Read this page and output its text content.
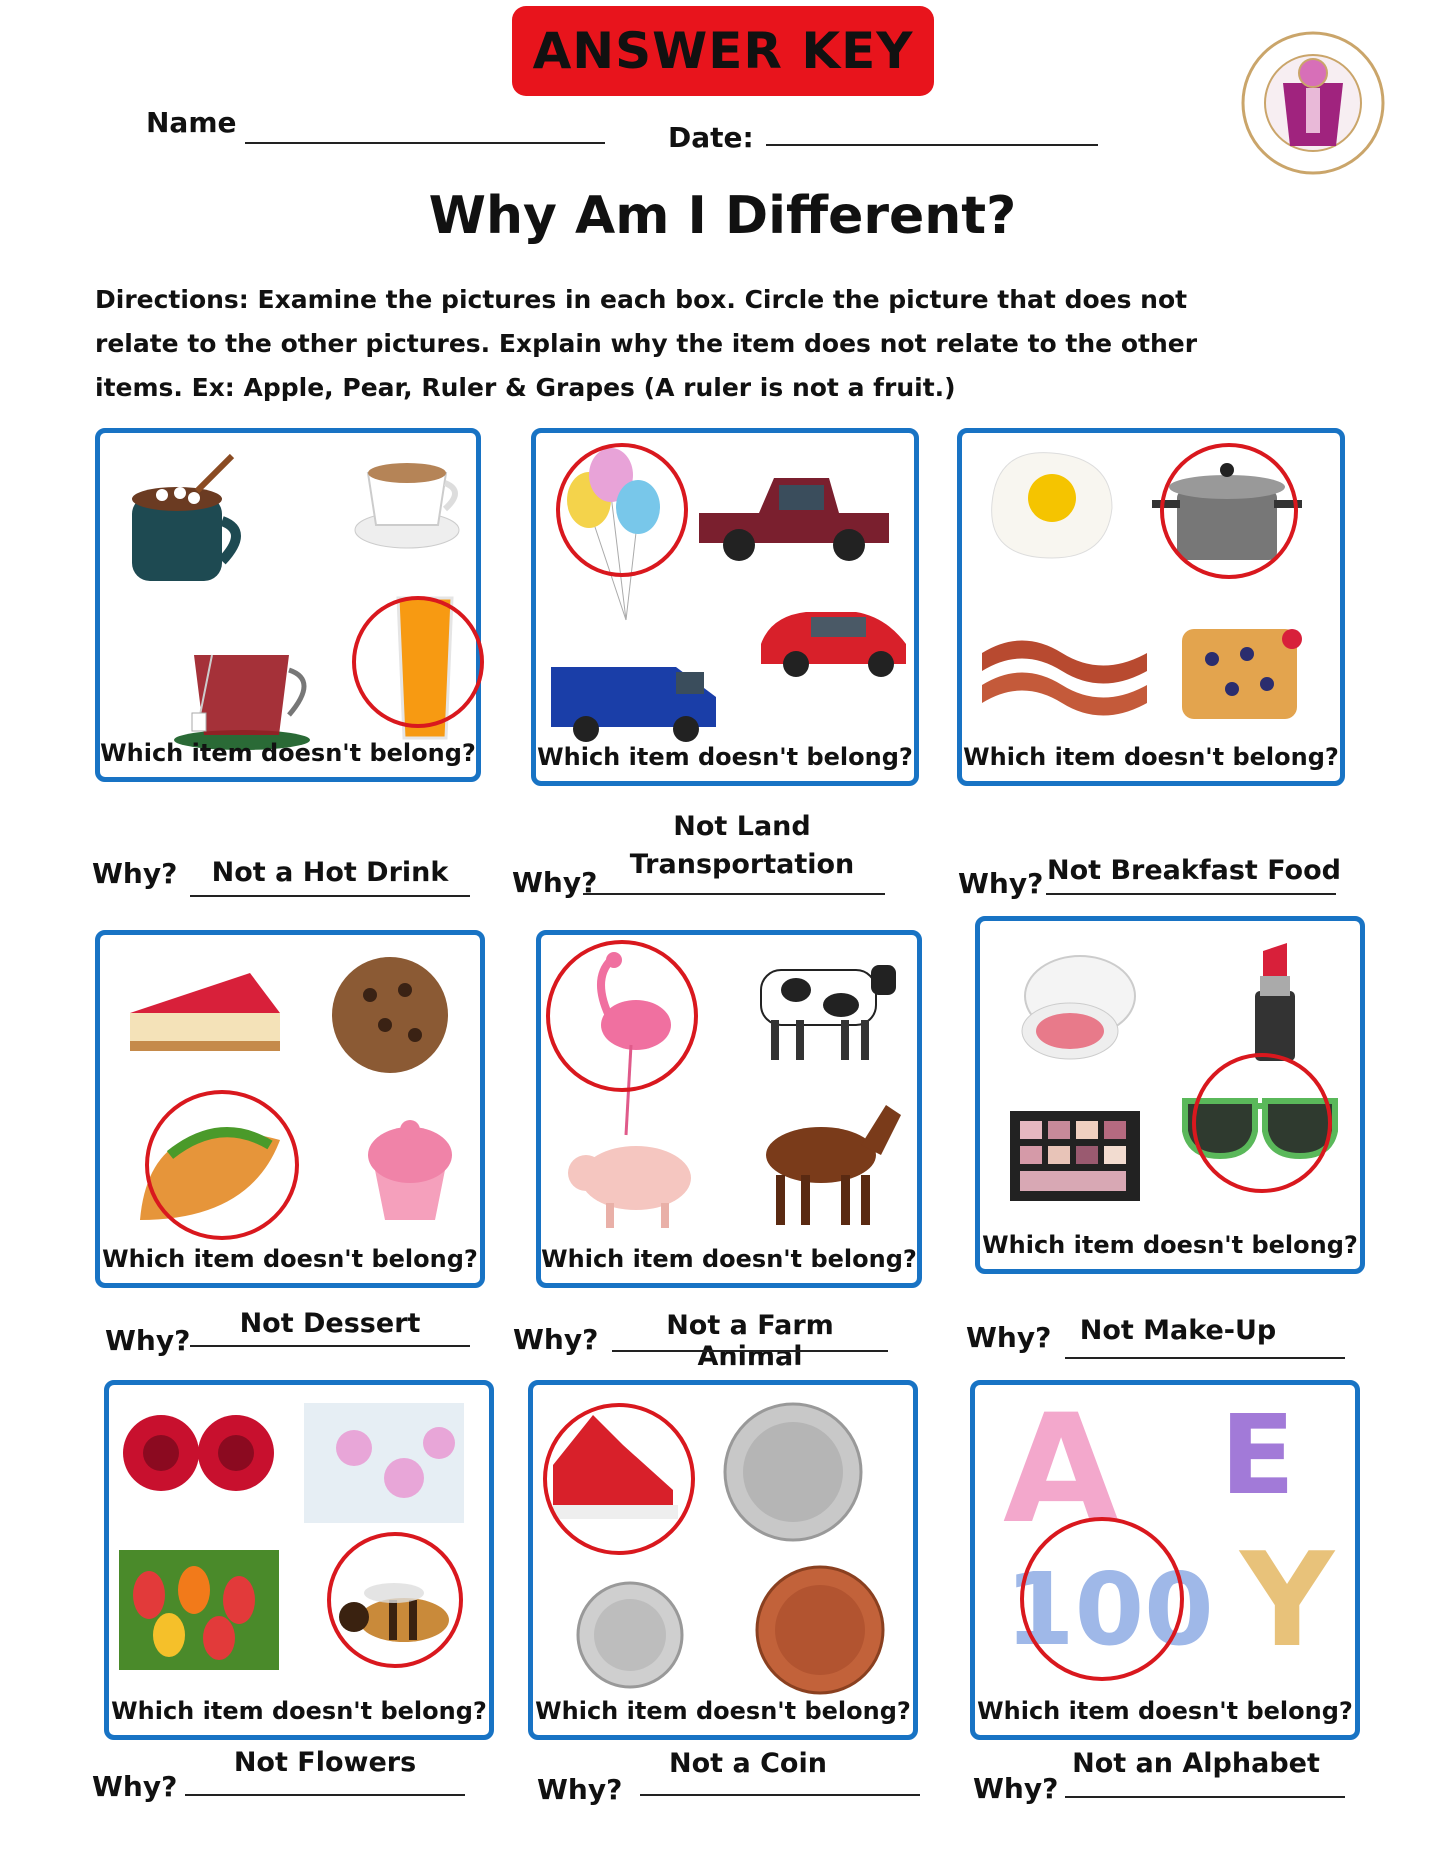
ANSWER KEY
Name	Date:
Why Am I Different?
Directions: Examine the pictures in each box. Circle the picture that does not relate to the other pictures. Explain why the item does not relate to the other items. Ex: Apple, Pear, Ruler & Grapes (A ruler is not a fruit.)
Which item doesn't belong?	Which item doesn't belong? Which item doesn't belong?
Why?	Not a Hot Drink	Why?
Not Land Transportation
Why? Not Breakfast Food
Which item doesn't belong?	Which item doesn't belong?	Which item doesn't belong?
Why?
Not Dessert	Why?	Not a Farm Animal
Why?	Not Make-Up
Which item doesn't belong? Which item doesn't belong?
A E
100 Y
Which item doesn't belong?
Why?
Not Flowers
Why?
Not a Coin
Why?
Not an Alphabet
